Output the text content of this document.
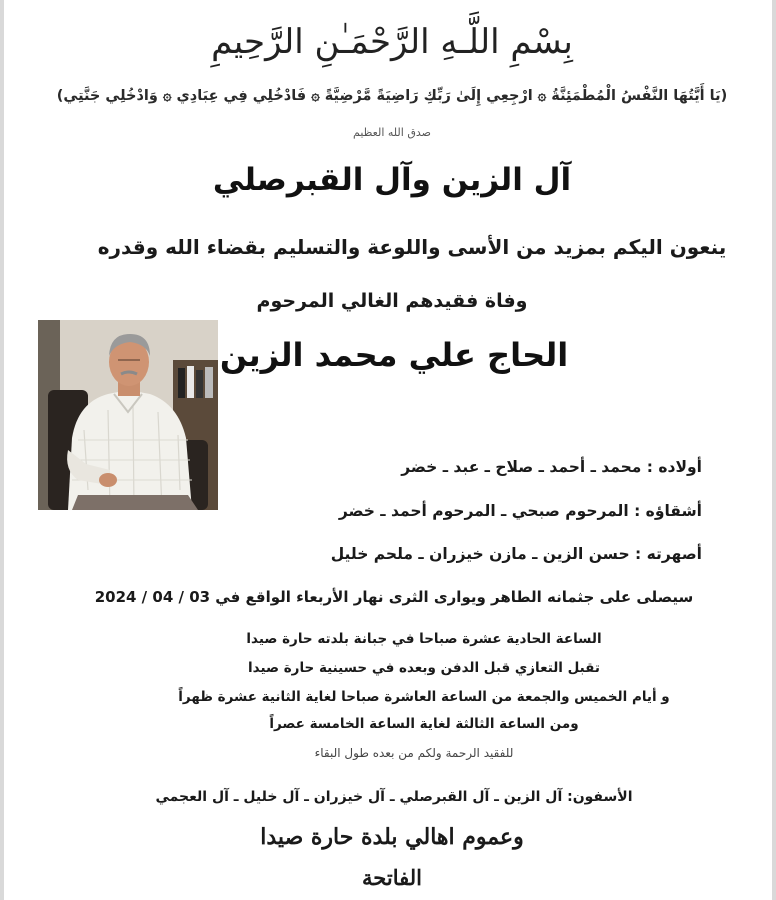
بِسْمِ اللَّـهِ الرَّحْمَـٰنِ الرَّحِيمِ
(يَا أَيَّتُهَا النَّفْسُ الْمُطْمَئِنَّةُ ۞ ارْجِعِي إِلَىٰ رَبِّكِ رَاضِيَةً مَّرْضِيَّةً ۞ فَادْخُلِي فِي عِبَادِي ۞ وَادْخُلِي جَنَّتِي)
صدق الله العظيم
آل الزين وآل القبرصلي
ينعون اليكم بمزيد من الأسى واللوعة والتسليم بقضاء الله وقدره
وفاة فقيدهم الغالي المرحوم
الحاج علي محمد الزين
أولاده : محمد ـ أحمد ـ صلاح ـ عبد ـ خضر
أشقاؤه : المرحوم صبحي ـ المرحوم أحمد ـ خضر
أصهرته : حسن الزين ـ مازن خيزران ـ ملحم خليل
سيصلى على جثمانه الطاهر ويوارى الثرى نهار الأربعاء الواقع في 03 / 04 / 2024
الساعة الحادية عشرة صباحا في جبانة بلدته حارة صيدا
تقبل التعازي قبل الدفن وبعده في حسينية حارة صيدا
و أيام الخميس والجمعة من الساعة العاشرة صباحا لغاية الثانية عشرة ظهراً
ومن الساعة الثالثة لغاية الساعة الخامسة عصراً
للفقيد الرحمة ولكم من بعده طول البقاء
الأسفون: آل الزين ـ آل القبرصلي ـ آل خيزران ـ آل خليل ـ آل العجمي
وعموم اهالي بلدة حارة صيدا
الفاتحة
